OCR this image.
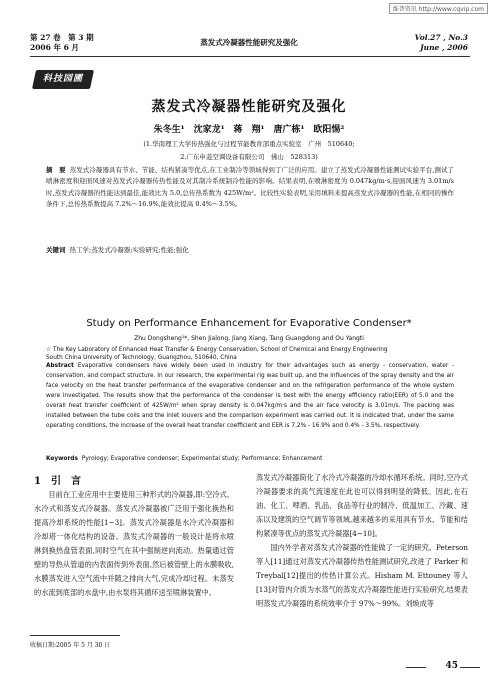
维普资讯 http://www.cqvip.com
第 27 卷　第 3 期
2006 年 6 月
蒸发式冷凝器性能研究及强化
Vol.27 , No.3
June , 2006
科技园圃
蒸发式冷凝器性能研究及强化
朱冬生¹　沈家龙¹　蒋　翔¹　唐广栋¹　欧阳惕²
(1.华南理工大学传热强化与过程节能教育部重点实验室　广州　510640;
2.广东申菱空调设备有限公司　佛山　528313)
摘　要 蒸发式冷凝器具有节水、节能、结构紧凑等优点,在工业制冷等领域得到了广泛的应用。建立了蒸发式冷凝器性能测试实验平台,测试了喷淋密度和迎面风速对蒸发式冷凝器传热性能及对其制冷系统制冷性能的影响。结果表明,在喷淋密度为 0.047kg/m·s,迎面风速为 3.01m/s 时,蒸发式冷凝器的性能达到最佳,能效比为 5.0,总传热系数为 425W/m²。比较性实验表明,采用填料来提高蒸发式冷凝器的性能,在相同的操作条件下,总传热系数提高 7.2%～16.9%,能效比提高 0.4%～3.5%。
关键词 热工学;蒸发式冷凝器;实验研究;性能;强化
Study on Performance Enhancement for Evaporative Condenser*
Zhu Dongsheng¹*, Shen Jialong, Jiang Xiang, Tang Guangdong and Ou Yangti
☆ The Key Laboratory of Enhanced Heat Transfer & Energy Conservation, School of Chemical and Energy Engineering
South China University of Technology, Guangzhou, 510640, China
Abstract Evaporative condensers have widely been used in industry for their advantages such as energy - conservation, water - conservation, and compact structure. In our research, the experimental rig was built up, and the influences of the spray density and the air face velocity on the heat transfer performance of the evaporative condenser and on the refrigeration performance of the whole system were investigated. The results show that the performance of the condenser is best with the energy efficiency ratio(EER) of 5.0 and the overall heat transfer coefficient of 425W/m² when spray density is 0.047kg/m·s and the air face velocity is 3.01m/s. The packing was installed between the tube coils and the inlet louvers and the comparison experiment was carried out. It is indicated that, under the same operating conditions, the increase of the overall heat transfer coefficient and EER is 7.2% - 16.9% and 0.4% - 3.5%, respectively.
Keywords Pyrology; Evaporative condenser; Experimental study; Performance; Enhancement
1　引　言

目前在工业应用中主要使用三种形式的冷凝器,即:空冷式、水冷式和蒸发式冷凝器。蒸发式冷凝器被广泛用于强化换热和提高冷却系统的性能[1~3]。蒸发式冷凝器是水冷式冷凝器和冷却塔一体化结构的设备。蒸发式冷凝器的一般设计是将水喷淋到换热盘管表面,同时空气在其中强制逆向流动。热量通过管壁的导热从管道的内表面传到外表面,然后被管壁上的水膜吸收,水膜蒸发进入空气流中并随之排向大气,完成冷却过程。未蒸发的水流到底部的水盘中,由水泵将其循环送至喷淋装置中。

蒸发式冷凝器简化了水冷式冷凝器的冷却水循环系统。同时,空冷式冷凝器要求的高气流速度在此也可以得到明显的降低。因此,在石油、化工、啤酒、乳品、食品等行业的制冷、低温加工、冷藏、速冻以及建筑的空气调节等领域,越来越多的采用具有节水、节能和结构紧凑等优点的蒸发式冷凝器[4~10]。

国内外学者对蒸发式冷凝器的性能做了一定的研究。Peterson 等人[11]通过对蒸发式冷凝器传热性能测试研究,改进了 Parker 和 Treybal[12]提出的传热计算公式。Hisham M. Ettouney 等人[13]对管内介质为水蒸气的蒸发式冷凝器性能进行实验研究,结果表明蒸发式冷凝器的系统效率介于 97%～99%。刘焕成等

收稿日期:2005 年 5 月 30 日
45
